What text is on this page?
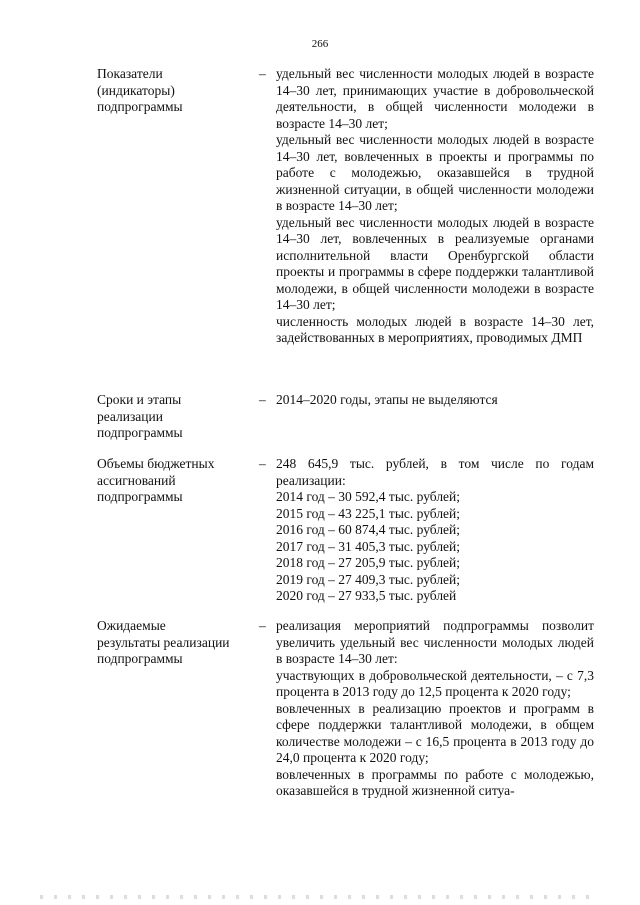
266
Показатели
(индикаторы)
подпрограммы
– удельный вес численности молодых людей в возрасте 14–30 лет, принимающих участие в добровольческой деятельности, в общей численности молодежи в возрасте 14–30 лет;

удельный вес численности молодых людей в возрасте 14–30 лет, вовлеченных в проекты и программы по работе с молодежью, оказавшейся в трудной жизненной ситуации, в общей численности молодежи в возрасте 14–30 лет;

удельный вес численности молодых людей в возрасте 14–30 лет, вовлеченных в реализуемые органами исполнительной власти Оренбургской области проекты и программы в сфере поддержки талантливой молодежи, в общей численности молодежи в возрасте 14–30 лет;

численность молодых людей в возрасте 14–30 лет, задействованных в мероприятиях, проводимых ДМП

Сроки и этапы
реализации
подпрограммы
– 2014–2020 годы, этапы не выделяются

Объемы бюджетных
ассигнований
подпрограммы
– 248 645,9 тыс. рублей, в том числе по годам реализации:

2014 год – 30 592,4 тыс. рублей;
2015 год – 43 225,1 тыс. рублей;
2016 год – 60 874,4 тыс. рублей;
2017 год – 31 405,3 тыс. рублей;
2018 год – 27 205,9 тыс. рублей;
2019 год – 27 409,3 тыс. рублей;
2020 год – 27 933,5 тыс. рублей
Ожидаемые
результаты реализации
подпрограммы
– реализация мероприятий подпрограммы позволит увеличить удельный вес численности молодых людей в возрасте 14–30 лет:

участвующих в добровольческой деятельности, – с 7,3 процента в 2013 году до 12,5 процента к 2020 году;

вовлеченных в реализацию проектов и программ в сфере поддержки талантливой молодежи, в общем количестве молодежи – с 16,5 процента в 2013 году до 24,0 процента к 2020 году;

вовлеченных в программы по работе с молодежью, оказавшейся в трудной жизненной ситуа-
